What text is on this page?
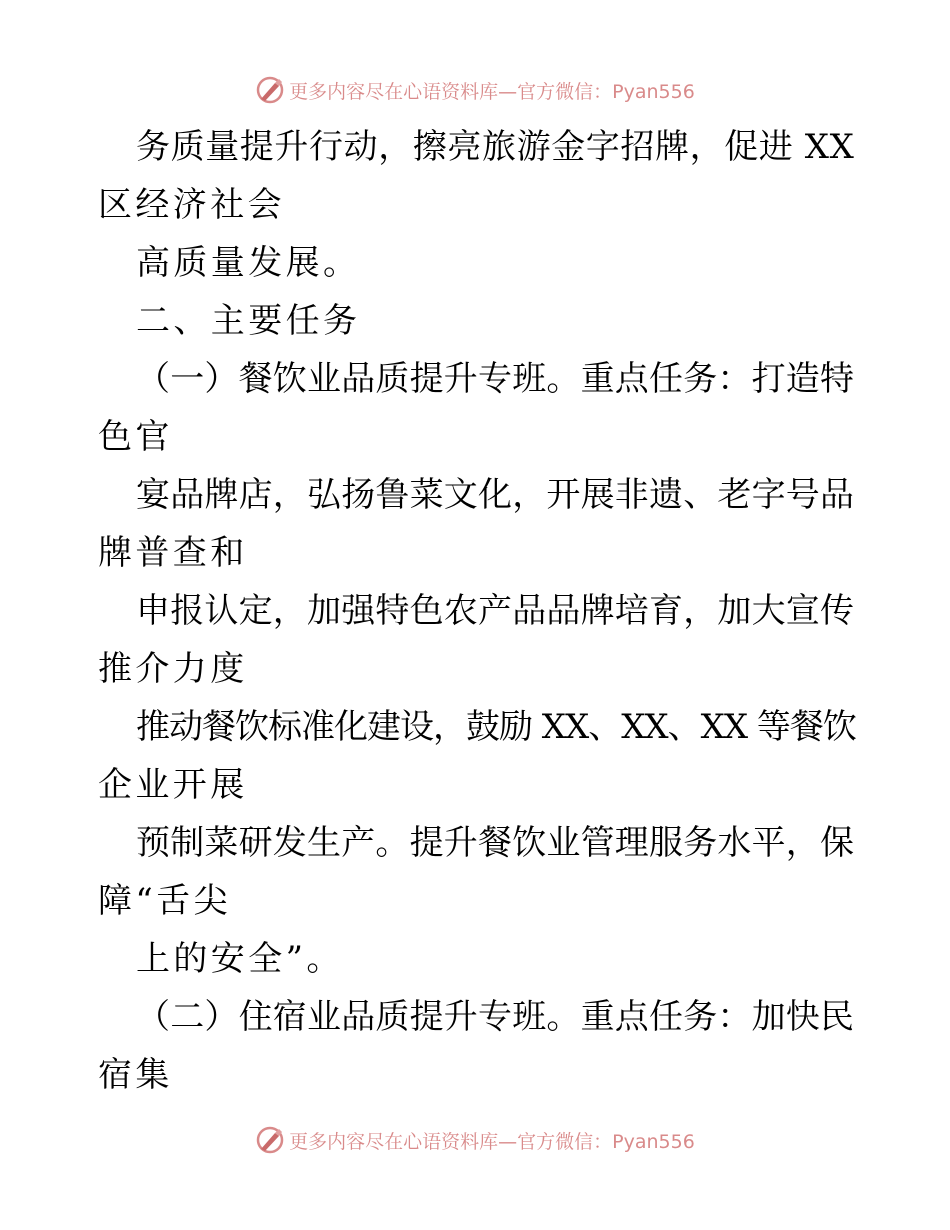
更多内容尽在心语资料库—官方微信：Pyan556
务质量提升行动，擦亮旅游金字招牌，促进 XX
区经济社会
高质量发展。
二、主要任务
（一）餐饮业品质提升专班。重点任务：打造特
色官
宴品牌店，弘扬鲁菜文化，开展非遗、老字号品
牌普查和
申报认定，加强特色农产品品牌培育，加大宣传
推介力度
推动餐饮标准化建设，鼓励 XX、XX、XX 等餐饮
企业开展
预制菜研发生产。提升餐饮业管理服务水平，保
障“舌尖
上的安全”。
（二）住宿业品质提升专班。重点任务：加快民
宿集
更多内容尽在心语资料库—官方微信：Pyan556
